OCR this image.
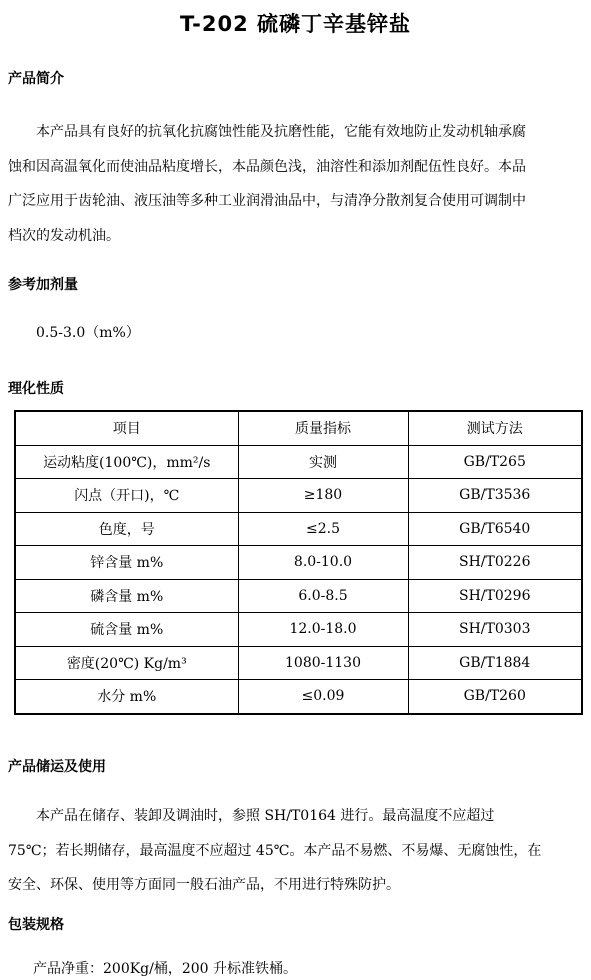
T-202 硫磷丁辛基锌盐
产品简介

本产品具有良好的抗氧化抗腐蚀性能及抗磨性能，它能有效地防止发动机轴承腐
蚀和因高温氧化而使油品粘度增长，本品颜色浅，油溶性和添加剂配伍性良好。本品
广泛应用于齿轮油、液压油等多种工业润滑油品中，与清净分散剂复合使用可调制中
档次的发动机油。

参考加剂量
0.5-3.0（m%）
理化性质
项目	质量指标	测试方法
运动粘度(100℃)，mm²/s	实测	GB/T265
闪点（开口)，℃	≥180	GB/T3536
色度，号	≤2.5	GB/T6540
锌含量 m%	8.0-10.0	SH/T0226
磷含量 m%	6.0-8.5	SH/T0296
硫含量 m%	12.0-18.0	SH/T0303
密度(20℃) Kg/m³	1080-1130	GB/T1884
水分 m%	≤0.09	GB/T260
产品储运及使用

本产品在储存、装卸及调油时，参照 SH/T0164 进行。最高温度不应超过
75℃；若长期储存，最高温度不应超过 45℃。本产品不易燃、不易爆、无腐蚀性，在
安全、环保、使用等方面同一般石油产品，不用进行特殊防护。

包装规格
产品净重：200Kg/桶，200 升标准铁桶。
